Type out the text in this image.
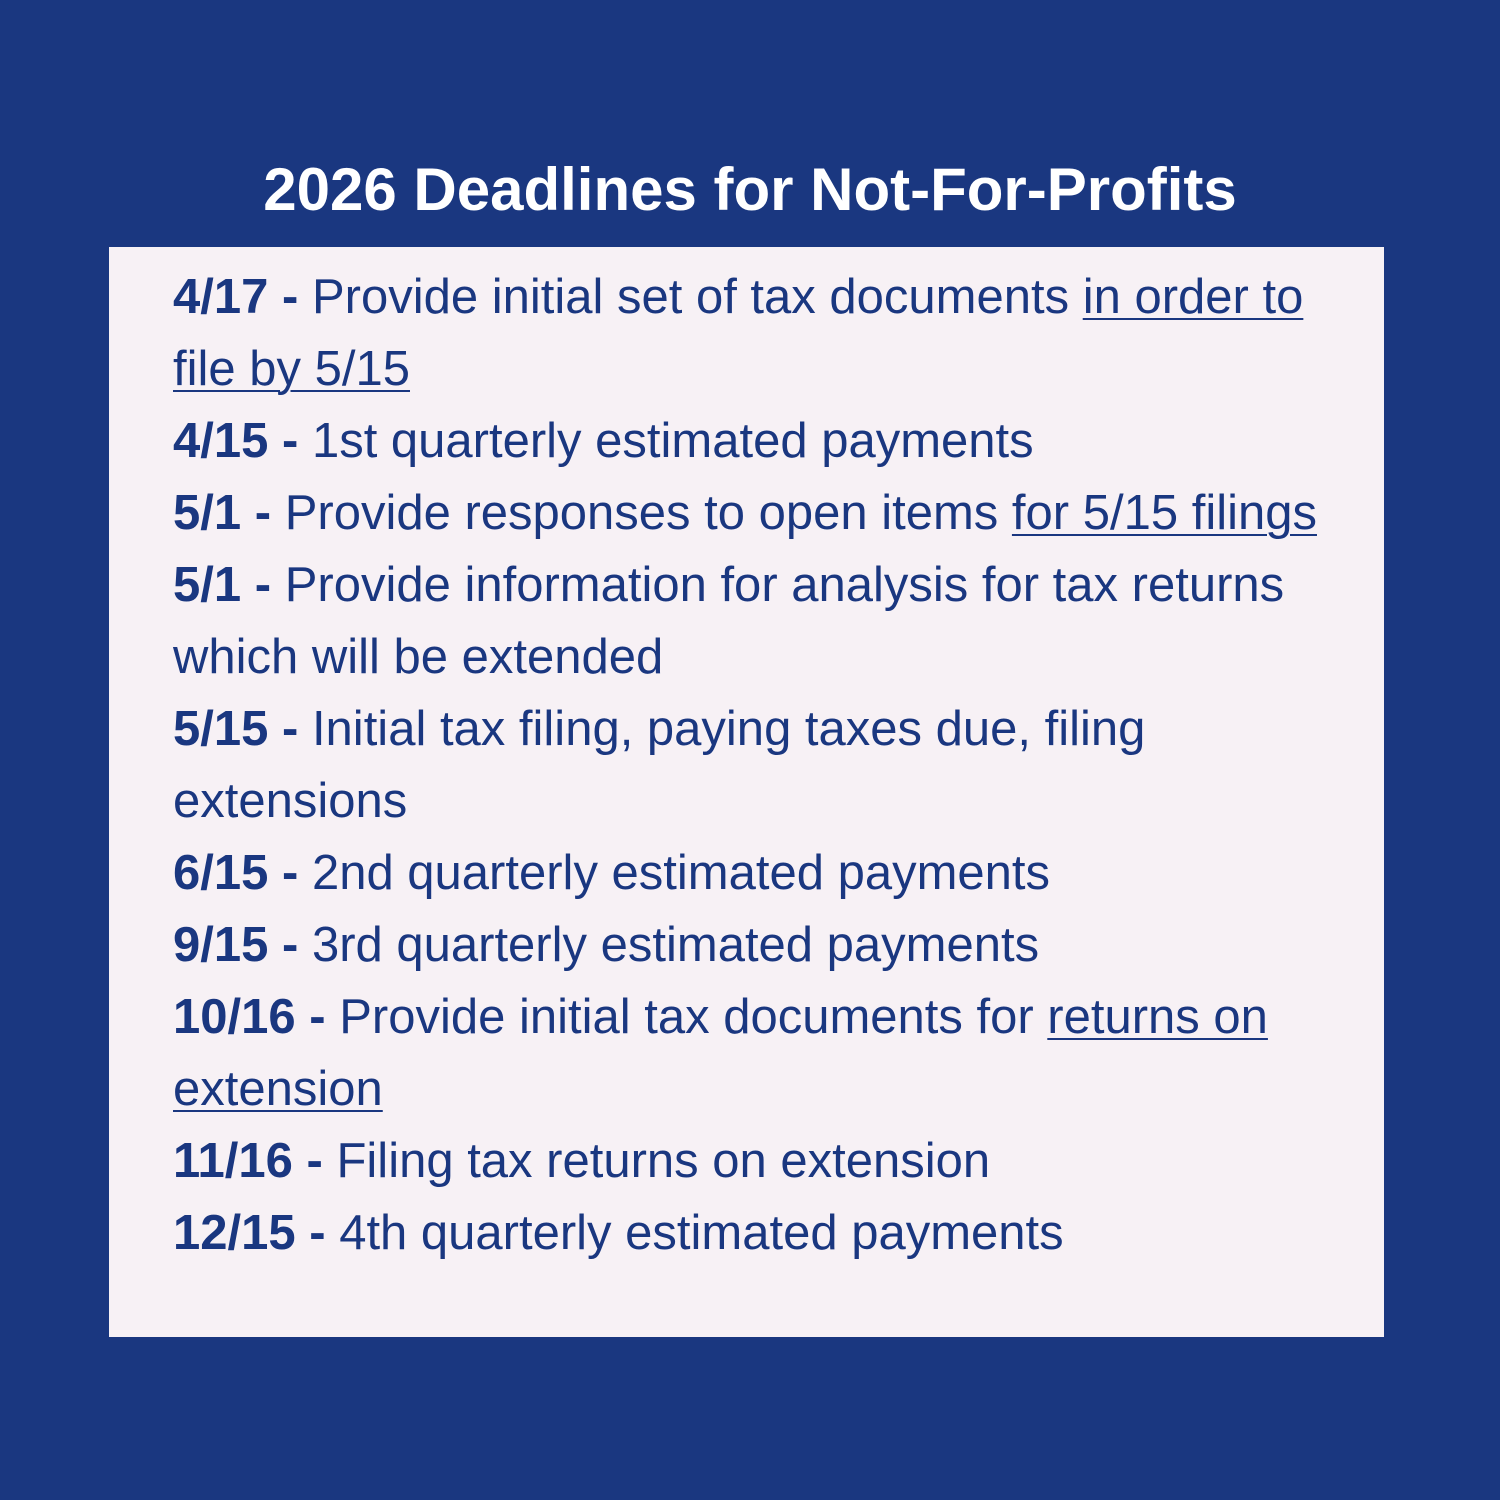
2026 Deadlines for Not-For-Profits

4/17 - Provide initial set of tax documents in order to file by 5/15

4/15 - 1st quarterly estimated payments

5/1 - Provide responses to open items for 5/15 filings

5/1 - Provide information for analysis for tax returns which will be extended

5/15 - Initial tax filing, paying taxes due, filing extensions

6/15 - 2nd quarterly estimated payments

9/15 - 3rd quarterly estimated payments

10/16 - Provide initial tax documents for returns on extension

11/16 - Filing tax returns on extension

12/15 - 4th quarterly estimated payments
